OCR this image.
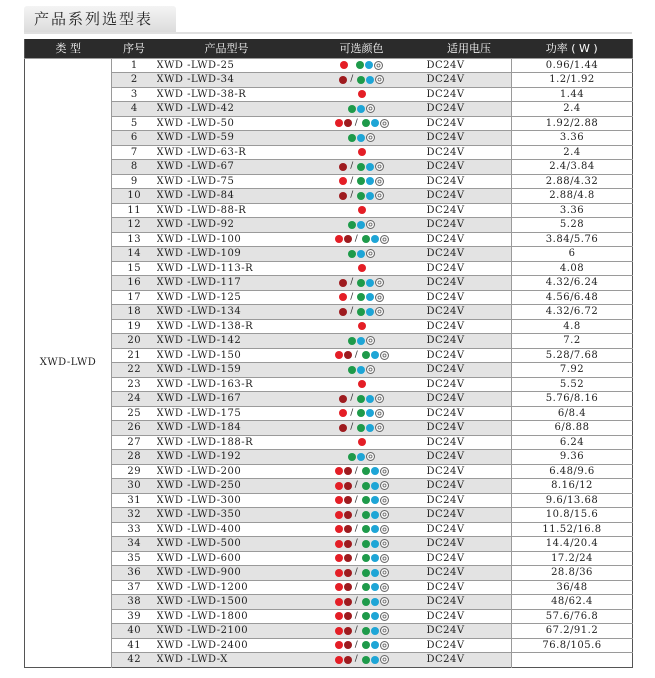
产品系列选型表
类 型	序号	产品型号	可选颜色	适用电压	功率 ( W )
XWD-LWD	1	XWD -LWD-25		DC24V	0.96/1.44
	2	XWD -LWD-34	/	DC24V	1.2/1.92
	3	XWD -LWD-38-R		DC24V	1.44
	4	XWD -LWD-42		DC24V	2.4
	5	XWD -LWD-50	/	DC24V	1.92/2.88
	6	XWD -LWD-59		DC24V	3.36
	7	XWD -LWD-63-R		DC24V	2.4
	8	XWD -LWD-67	/	DC24V	2.4/3.84
	9	XWD -LWD-75	/	DC24V	2.88/4.32
	10	XWD -LWD-84	/	DC24V	2.88/4.8
	11	XWD -LWD-88-R		DC24V	3.36
	12	XWD -LWD-92		DC24V	5.28
	13	XWD -LWD-100	/	DC24V	3.84/5.76
	14	XWD -LWD-109		DC24V	6
	15	XWD -LWD-113-R		DC24V	4.08
	16	XWD -LWD-117	/	DC24V	4.32/6.24
	17	XWD -LWD-125	/	DC24V	4.56/6.48
	18	XWD -LWD-134	/	DC24V	4.32/6.72
	19	XWD -LWD-138-R		DC24V	4.8
	20	XWD -LWD-142		DC24V	7.2
	21	XWD -LWD-150	/	DC24V	5.28/7.68
	22	XWD -LWD-159		DC24V	7.92
	23	XWD -LWD-163-R		DC24V	5.52
	24	XWD -LWD-167	/	DC24V	5.76/8.16
	25	XWD -LWD-175	/	DC24V	6/8.4
	26	XWD -LWD-184	/	DC24V	6/8.88
	27	XWD -LWD-188-R		DC24V	6.24
	28	XWD -LWD-192		DC24V	9.36
	29	XWD -LWD-200	/	DC24V	6.48/9.6
	30	XWD -LWD-250	/	DC24V	8.16/12
	31	XWD -LWD-300	/	DC24V	9.6/13.68
	32	XWD -LWD-350	/	DC24V	10.8/15.6
	33	XWD -LWD-400	/	DC24V	11.52/16.8
	34	XWD -LWD-500	/	DC24V	14.4/20.4
	35	XWD -LWD-600	/	DC24V	17.2/24
	36	XWD -LWD-900	/	DC24V	28.8/36
	37	XWD -LWD-1200	/	DC24V	36/48
	38	XWD -LWD-1500	/	DC24V	48/62.4
	39	XWD -LWD-1800	/	DC24V	57.6/76.8
	40	XWD -LWD-2100	/	DC24V	67.2/91.2
	41	XWD -LWD-2400	/	DC24V	76.8/105.6
	42	XWD -LWD-X	/	DC24V	
